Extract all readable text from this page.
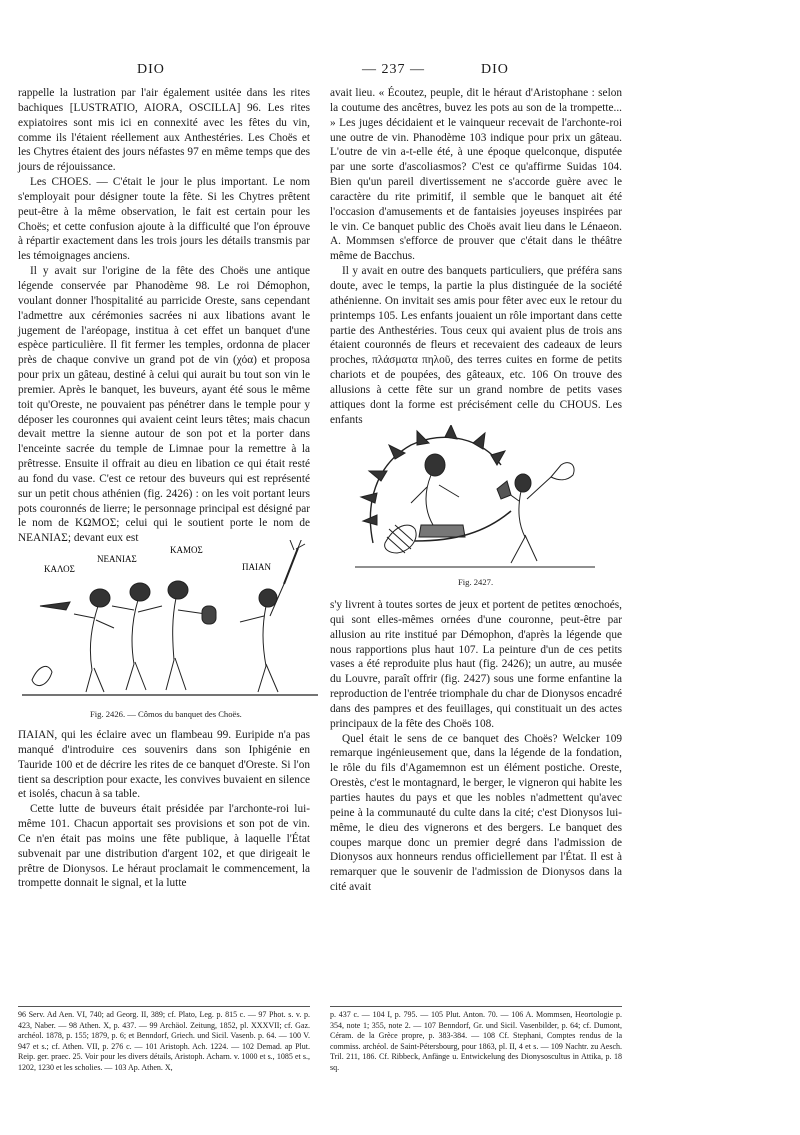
DIO	— 237 —	DIO

rappelle la lustration par l'air également usitée dans les rites bachiques [LUSTRATIO, AIORA, OSCILLA] 96. Les rites expiatoires sont mis ici en connexité avec les fêtes du vin, comme ils l'étaient réellement aux Anthestéries. Les Choës et les Chytres étaient des jours néfastes 97 en même temps que des jours de réjouissance.

Les CHOES. — C'était le jour le plus important. Le nom s'employait pour désigner toute la fête. Si les Chytres prêtent peut-être à la même observation, le fait est certain pour les Choës; et cette confusion ajoute à la difficulté que l'on éprouve à répartir exactement dans les trois jours les détails transmis par les témoignages anciens.

Il y avait sur l'origine de la fête des Choës une antique légende conservée par Phanodème 98. Le roi Démophon, voulant donner l'hospitalité au parricide Oreste, sans cependant l'admettre aux cérémonies sacrées ni aux libations avant le jugement de l'aréopage, institua à cet effet un banquet d'une espèce particulière. Il fit fermer les temples, ordonna de placer près de chaque convive un grand pot de vin (χόα) et proposa pour prix un gâteau, destiné à celui qui aurait bu tout son vin le premier. Après le banquet, les buveurs, ayant été sous le même toit qu'Oreste, ne pouvaient pas pénétrer dans le temple pour y déposer les couronnes qui avaient ceint leurs têtes; mais chacun devait mettre la sienne autour de son pot et la porter dans l'enceinte sacrée du temple de Limnae pour la remettre à la prêtresse. Ensuite il offrait au dieu en libation ce qui était resté au fond du vase. C'est ce retour des buveurs qui est représenté sur un petit chous athénien (fig. 2426) : on les voit portant leurs pots couronnés de lierre; le personnage principal est désigné par le nom de ΚΩΜΟΣ; celui qui le soutient porte le nom de ΝΕΑΝΙΑΣ; devant eux est

ΚΑΛΟΣ
ΝΕΑΝΙΑΣ
ΚΑΜΟΣ
ΠΑΙΑΝ
Fig. 2426. — Cômos du banquet des Choës.

ΠΑΙΑΝ, qui les éclaire avec un flambeau 99. Euripide n'a pas manqué d'introduire ces souvenirs dans son Iphigénie en Tauride 100 et de décrire les rites de ce banquet d'Oreste. Si l'on tient sa description pour exacte, les convives buvaient en silence et isolés, chacun à sa table.

Cette lutte de buveurs était présidée par l'archonte-roi lui-même 101. Chacun apportait ses provisions et son pot de vin. Ce n'en était pas moins une fête publique, à laquelle l'État subvenait par une distribution d'argent 102, et que dirigeait le prêtre de Dionysos. Le héraut proclamait le commencement, la trompette donnait le signal, et la lutte

96 Serv. Ad Aen. VI, 740; ad Georg. II, 389; cf. Plato, Leg. p. 815 c. — 97 Phot. s. v. p. 423, Naber. — 98 Athen. X, p. 437. — 99 Archäol. Zeitung, 1852, pl. XXXVII; cf. Gaz. archéol. 1878, p. 155; 1879, p. 6; et Benndorf, Griech. und Sicil. Vasenb. p. 64. — 100 V. 947 et s.; cf. Athen. VII, p. 276 c. — 101 Aristoph. Ach. 1224. — 102 Demad. ap Plut. Reip. ger. praec. 25. Voir pour les divers détails, Aristoph. Acharn. v. 1000 et s., 1085 et s., 1202, 1230 et les scholies. — 103 Ap. Athen. X,

avait lieu. « Écoutez, peuple, dit le héraut d'Aristophane : selon la coutume des ancêtres, buvez les pots au son de la trompette... » Les juges décidaient et le vainqueur recevait de l'archonte-roi une outre de vin. Phanodème 103 indique pour prix un gâteau. L'outre de vin a-t-elle été, à une époque quelconque, disputée par une sorte d'ascoliasmos? C'est ce qu'affirme Suidas 104. Bien qu'un pareil divertissement ne s'accorde guère avec le caractère du rite primitif, il semble que le banquet ait été l'occasion d'amusements et de fantaisies joyeuses inspirées par le vin. Ce banquet public des Choës avait lieu dans le Lénaeon. A. Mommsen s'efforce de prouver que c'était dans le théâtre même de Bacchus.

Il y avait en outre des banquets particuliers, que préféra sans doute, avec le temps, la partie la plus distinguée de la société athénienne. On invitait ses amis pour fêter avec eux le retour du printemps 105. Les enfants jouaient un rôle important dans cette partie des Anthestéries. Tous ceux qui avaient plus de trois ans étaient couronnés de fleurs et recevaient des cadeaux de leurs proches, πλάσματα πηλοῦ, des terres cuites en forme de petits chariots et de poupées, des gâteaux, etc. 106 On trouve des allusions à cette fête sur un grand nombre de petits vases attiques dont la forme est précisément celle du CHOUS. Les enfants

Fig. 2427.

s'y livrent à toutes sortes de jeux et portent de petites œnochoés, qui sont elles-mêmes ornées d'une couronne, peut-être par allusion au rite institué par Démophon, d'après la légende que nous rapportions plus haut 107. La peinture d'un de ces petits vases a été reproduite plus haut (fig. 2426); un autre, au musée du Louvre, paraît offrir (fig. 2427) sous une forme enfantine la reproduction de l'entrée triomphale du char de Dionysos encadré dans des pampres et des feuillages, qui constituait un des actes principaux de la fête des Choës 108.

Quel était le sens de ce banquet des Choës? Welcker 109 remarque ingénieusement que, dans la légende de la fondation, le rôle du fils d'Agamemnon est un élément postiche. Oreste, Orestès, c'est le montagnard, le berger, le vigneron qui habite les parties hautes du pays et que les nobles n'admettent qu'avec peine à la communauté du culte dans la cité; c'est Dionysos lui-même, le dieu des vignerons et des bergers. Le banquet des coupes marque donc un premier degré dans l'admission de Dionysos aux honneurs rendus officiellement par l'État. Il est à remarquer que le souvenir de l'admission de Dionysos dans la cité avait

p. 437 c. — 104 I, p. 795. — 105 Plut. Anton. 70. — 106 A. Mommsen, Heortologie p. 354, note 1; 355, note 2. — 107 Benndorf, Gr. und Sicil. Vasenbilder, p. 64; cf. Dumont, Céram. de la Grèce propre, p. 383-384. — 108 Cf. Stephani, Comptes rendus de la commiss. archéol. de Saint-Pétersbourg, pour 1863, pl. II, 4 et s. — 109 Nachtr. zu Aesch. Tril. 211, 186. Cf. Ribbeck, Anfänge u. Entwickelung des Dionysoscultus in Attika, p. 18 sq.
